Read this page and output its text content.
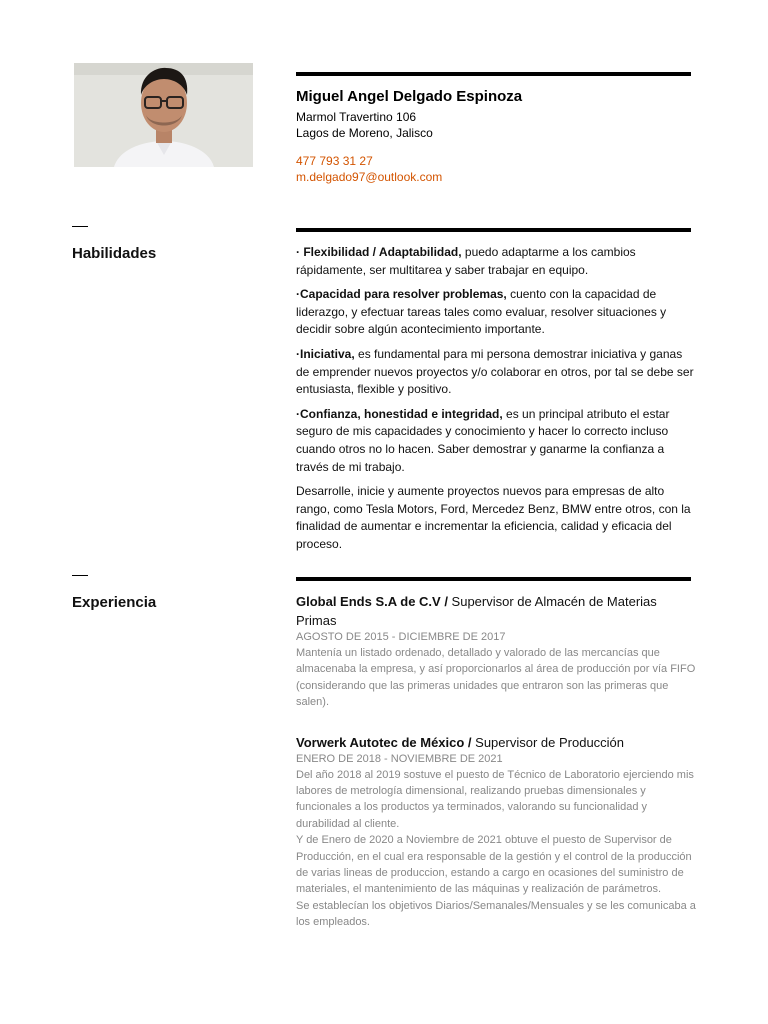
Miguel Angel Delgado Espinoza
Marmol Travertino 106
Lagos de Moreno, Jalisco
477 793 31 27
m.delgado97@outlook.com
Habilidades	· Flexibilidad / Adaptabilidad, puedo adaptarme a los cambios rápidamente, ser multitarea y saber trabajar en equipo.

·Capacidad para resolver problemas, cuento con la capacidad de liderazgo, y efectuar tareas tales como evaluar, resolver situaciones y decidir sobre algún acontecimiento importante.

·Iniciativa, es fundamental para mi persona demostrar iniciativa y ganas de emprender nuevos proyectos y/o colaborar en otros, por tal se debe ser entusiasta, flexible y positivo.

·Confianza, honestidad e integridad, es un principal atributo el estar seguro de mis capacidades y conocimiento y hacer lo correcto incluso cuando otros no lo hacen. Saber demostrar y ganarme la confianza a través de mi trabajo.

Desarrolle, inicie y aumente proyectos nuevos para empresas de alto rango, como Tesla Motors, Ford, Mercedez Benz, BMW entre otros, con la finalidad de aumentar e incrementar la eficiencia, calidad y eficacia del proceso.

Experiencia	Global Ends S.A de C.V / Supervisor de Almacén de Materias Primas
AGOSTO DE 2015 - DICIEMBRE DE 2017
Mantenía un listado ordenado, detallado y valorado de las mercancías que almacenaba la empresa, y así proporcionarlos al área de producción por vía FIFO (considerando que las primeras unidades que entraron son las primeras que salen).
Vorwerk Autotec de México / Supervisor de Producción
ENERO DE 2018 - NOVIEMBRE DE 2021
Del año 2018 al 2019 sostuve el puesto de Técnico de Laboratorio ejerciendo mis labores de metrología dimensional, realizando pruebas dimensionales y funcionales a los productos ya terminados, valorando su funcionalidad y durabilidad al cliente.
Y de Enero de 2020 a Noviembre de 2021 obtuve el puesto de Supervisor de Producción, en el cual era responsable de la gestión y el control de la producción de varias lineas de produccion, estando a cargo en ocasiones del suministro de materiales, el mantenimiento de las máquinas y realización de parámetros.
Se establecían los objetivos Diarios/Semanales/Mensuales y se les comunicaba a los empleados.
